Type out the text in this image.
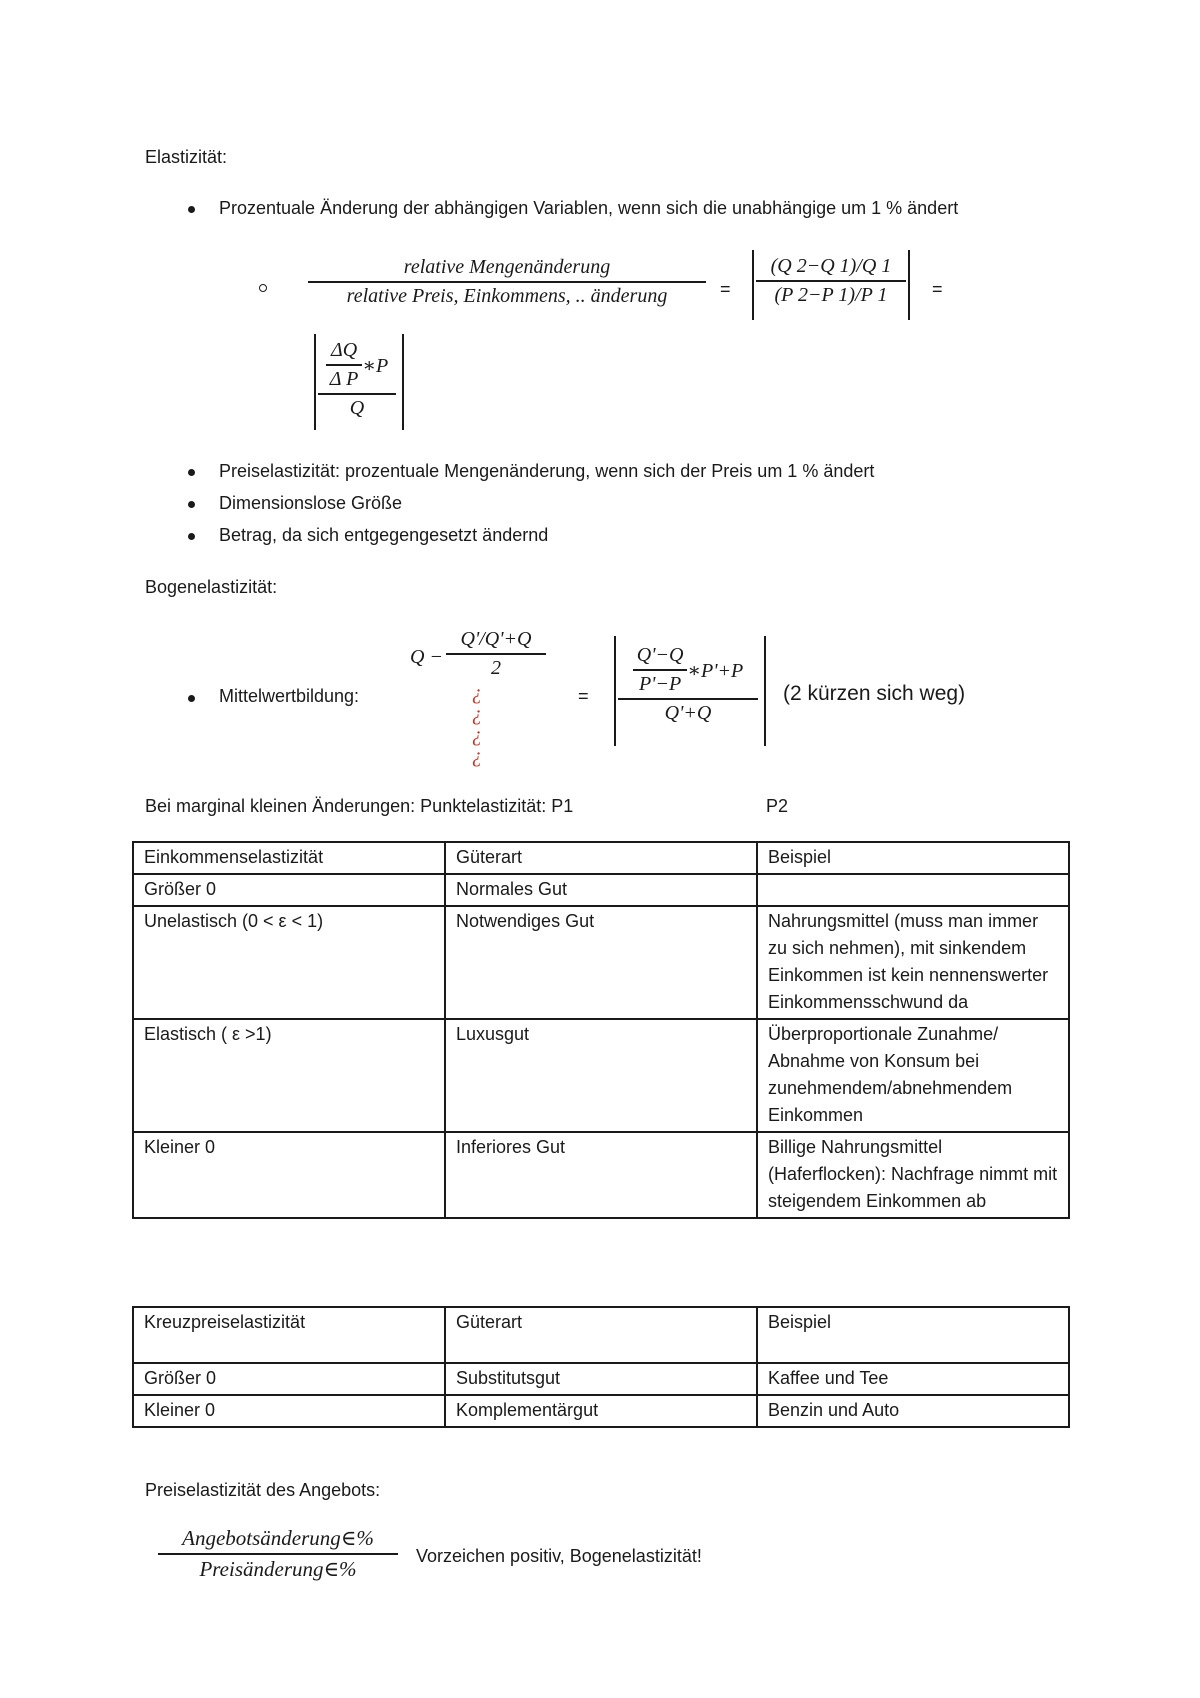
Elastizität:
Prozentuale Änderung der abhängigen Variablen, wenn sich die unabhängige um 1 % ändert
relative Mengenänderung
relative Preis, Einkommens, .. änderung	=
(Q 2−Q 1)/Q 1
(P 2−P 1)/P 1 =
$\frac{\Delta Q}{\text{Δ P}}$ ∗P
Q
Preiselastizität: prozentuale Mengenänderung, wenn sich der Preis um 1 % ändert
Dimensionslose Größe
Betrag, da sich entgegengesetzt ändernd
Bogenelastizität:
Q −
Q'/Q'+Q
2
¿
¿
¿
¿
Mittelwertbildung:	= $\frac{Q'-Q}{P'-P}$ ∗P'+P
Q'+Q
(2 kürzen sich weg)
Bei marginal kleinen Änderungen: Punktelastizität: P1	P2
Einkommenselastizität	Güterart	Beispiel

Größer 0	Normales Gut	

Unelastisch (0 < ε < 1)	Notwendiges Gut	Nahrungsmittel (muss man immer zu sich nehmen), mit sinkendem Einkommen ist kein nennenswerter Einkommensschwund da

Elastisch ( ε >1)	Luxusgut	Überproportionale Zunahme/ Abnahme von Konsum bei zunehmendem/abnehmendem Einkommen

Kleiner 0	Inferiores Gut	Billige Nahrungsmittel (Haferflocken): Nachfrage nimmt mit steigendem Einkommen ab
Kreuzpreiselastizität	Güterart	Beispiel

Größer 0	Substitutsgut	Kaffee und Tee

Kleiner 0	Komplementärgut	Benzin und Auto
Preiselastizität des Angebots:
Angebotsänderung∈%
Preisänderung∈%
Vorzeichen positiv, Bogenelastizität!
